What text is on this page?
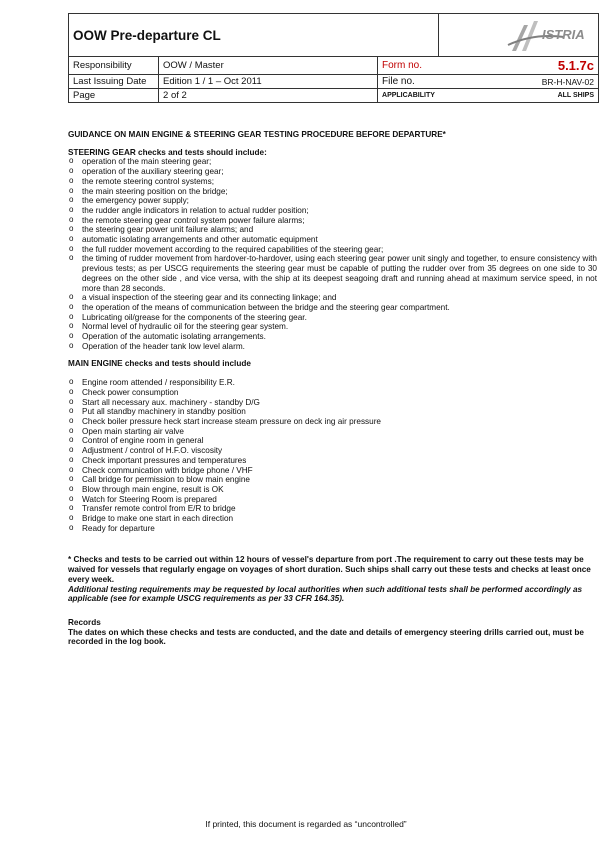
OOW Pre-departure CL			ISTRIA

Responsibility	OOW / Master	Form no.	5.1.7c
Last Issuing Date	Edition 1 / 1 – Oct 2011	File no.	BR-H-NAV-02
Page	2 of 2	APPLICABILITY	ALL SHIPS
GUIDANCE ON MAIN ENGINE & STEERING GEAR TESTING PROCEDURE BEFORE DEPARTURE*
STEERING GEAR checks and tests should include:
o operation of the main steering gear;
o operation of the auxiliary steering gear;
o the remote steering control systems;
o the main steering position on the bridge;
o the emergency power supply;
o the rudder angle indicators in relation to actual rudder position;
o the remote steering gear control system power failure alarms;
o the steering gear power unit failure alarms; and
o automatic isolating arrangements and other automatic equipment
o the full rudder movement according to the required capabilities of the steering gear;
o the timing of rudder movement from hardover-to-hardover, using each steering gear power unit singly and together, to ensure consistency with previous tests; as per USCG requirements the steering gear must be capable of putting the rudder over from 35 degrees on one side to 30 degrees on the other side , and vice versa, with the ship at its deepest seagoing draft and running ahead at maximum service speed, in not more than 28 seconds.
o a visual inspection of the steering gear and its connecting linkage; and
o the operation of the means of communication between the bridge and the steering gear compartment.
o Lubricating oil/grease for the components of the steering gear.
o Normal level of hydraulic oil for the steering gear system.
o Operation of the automatic isolating arrangements.
o Operation of the header tank low level alarm.
MAIN ENGINE checks and tests should include
o Engine room attended / responsibility E.R.
o Check power consumption
o Start all necessary aux. machinery - standby D/G
o Put all standby machinery in standby position
o Check boiler pressure heck start increase steam pressure on deck ing air pressure
o Open main starting air valve
o Control of engine room in general
o Adjustment / control of H.F.O. viscosity
o Check important pressures and temperatures
o Check communication with bridge phone / VHF
o Call bridge for permission to blow main engine
o Blow through main engine, result is OK
o Watch for Steering Room is prepared
o Transfer remote control from E/R to bridge
o Bridge to make one start in each direction
o Ready for departure
* Checks and tests to be carried out within 12 hours of vessel's departure from port .The requirement to carry out these tests may be waived for vessels that regularly engage on voyages of short duration. Such ships shall carry out these tests and checks at least once every week.
Additional testing requirements may be requested by local authorities when such additional tests shall be performed accordingly as applicable (see for example USCG requirements as per 33 CFR 164.35).
Records
The dates on which these checks and tests are conducted, and the date and details of emergency steering drills carried out, must be recorded in the log book.
If printed, this document is regarded as “uncontrolled”
